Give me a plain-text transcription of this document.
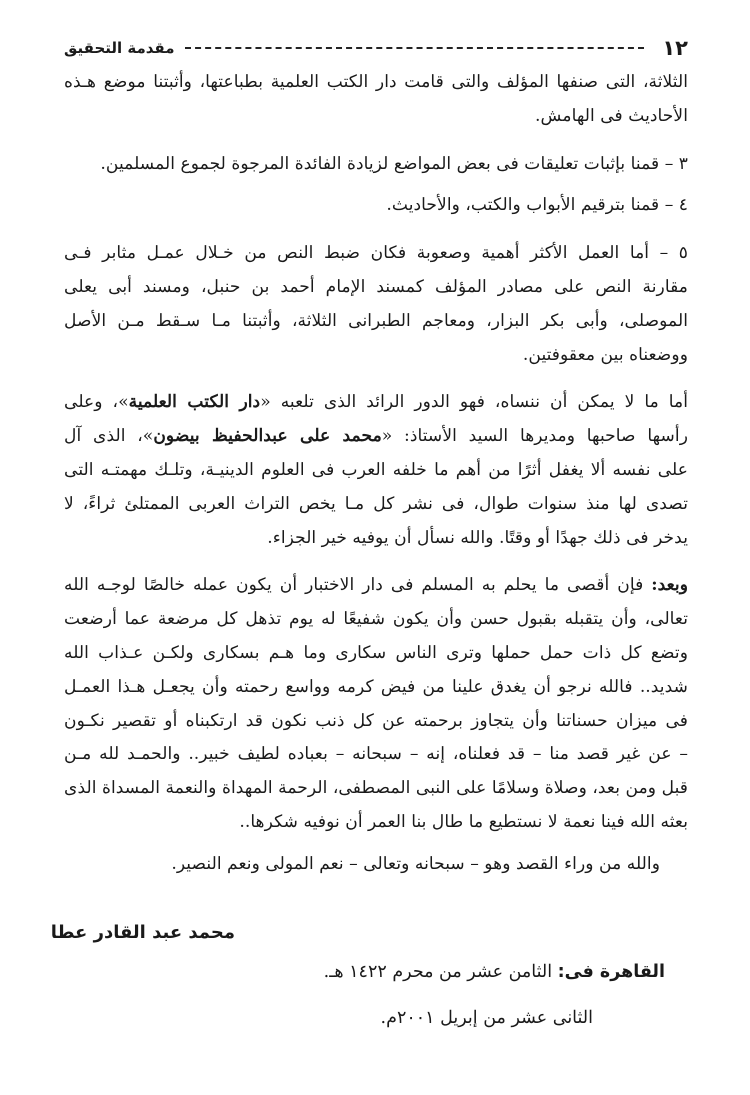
١٢
مقدمة التحقيق
الثلاثة، التى صنفها المؤلف والتى قامت دار الكتب العلمية بطباعتها، وأثبتنا موضع هـذه
الأحاديث فى الهامش.
٣ – قمنا بإثبات تعليقات فى بعض المواضع لزيادة الفائدة المرجوة لجموع المسلمين.
٤ – قمنا بترقيم الأبواب والكتب، والأحاديث.
٥ – أما العمل الأكثر أهمية وصعوبة فكان ضبط النص من خـلال عمـل مثابر فـى
مقارنة النص على مصادر المؤلف كمسند الإمام أحمد بن حنبل، ومسند أبى يعلى
الموصلى، وأبى بكر البزار، ومعاجم الطبرانى الثلاثة، وأثبتنا مـا سـقط مـن الأصل
ووضعناه بين معقوفتين.
أما ما لا يمكن أن ننساه، فهو الدور الرائد الذى تلعبه «دار الكتب العلمية»، وعلى
رأسها صاحبها ومديرها السيد الأستاذ: «محمد على عبدالحفيظ بيضون»، الذى آل
على نفسه ألا يغفل أثرًا من أهم ما خلفه العرب فى العلوم الدينيـة، وتلـك مهمتـه التى
تصدى لها منذ سنوات طوال، فى نشر كل مـا يخص التراث العربى الممتلئ ثراءً، لا
يدخر فى ذلك جهدًا أو وقتًا. والله نسأل أن يوفيه خير الجزاء.
وبعد: فإن أقصى ما يحلم به المسلم فى دار الاختبار أن يكون عمله خالصًا لوجـه الله
تعالى، وأن يتقبله بقبول حسن وأن يكون شفيعًا له يوم تذهل كل مرضعة عما أرضعت
وتضع كل ذات حمل حملها وترى الناس سكارى وما هـم بسكارى ولكـن عـذاب الله
شديد.. فالله نرجو أن يغدق علينا من فيض كرمه وواسع رحمته وأن يجعـل هـذا العمـل
فى ميزان حسناتنا وأن يتجاوز برحمته عن كل ذنب نكون قد ارتكبناه أو تقصير نكـون
– عن غير قصد منا – قد فعلناه، إنه – سبحانه – بعباده لطيف خبير.. والحمـد لله مـن
قبل ومن بعد، وصلاة وسلامًا على النبى المصطفى، الرحمة المهداة والنعمة المسداة الذى
بعثه الله فينا نعمة لا نستطيع ما طال بنا العمر أن نوفيه شكرها..
والله من وراء القصد وهو – سبحانه وتعالى – نعم المولى ونعم النصير.
محمد عبد القادر عطا
القاهرة فى: الثامن عشر من محرم ١٤٢٢ هـ.
الثانى عشر من إبريل ٢٠٠١م.
